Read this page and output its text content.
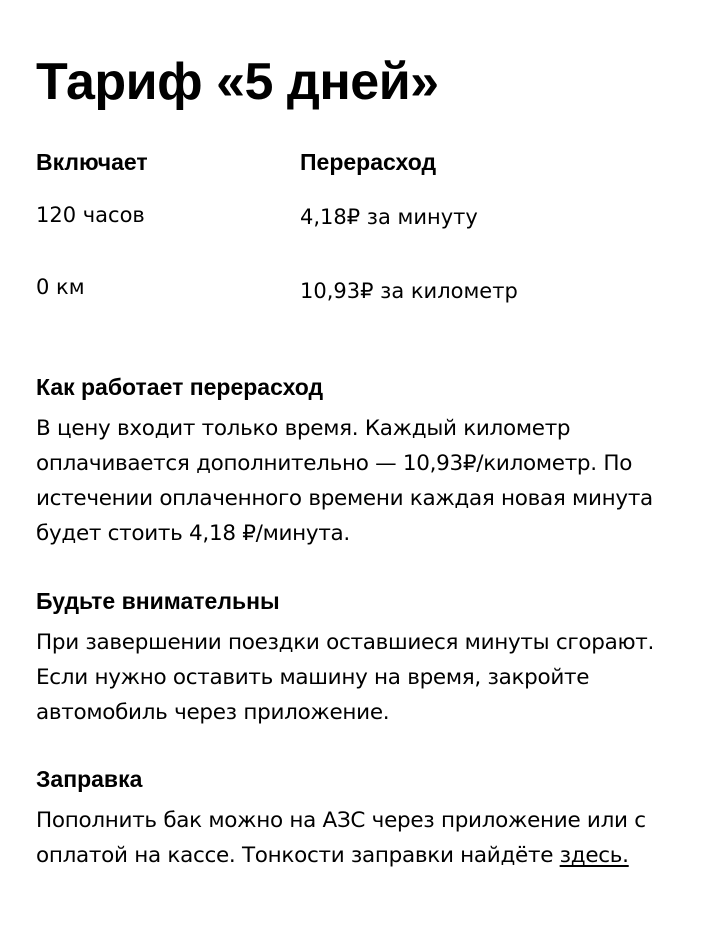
Тариф «5 дней»
Включает
120 часов
0 км
Перерасход
4,18₽ за минуту
10,93₽ за километр
Как работает перерасход

В цену входит только время. Каждый километр оплачивается дополнительно — 10,93₽/километр. По истечении оплаченного времени каждая новая минута будет стоить 4,18 ₽/минута.

Будьте внимательны

При завершении поездки оставшиеся минуты сгорают. Если нужно оставить машину на время, закройте автомобиль через приложение.

Заправка

Пополнить бак можно на АЗС через приложение или с оплатой на кассе. Тонкости заправки найдёте здесь.
